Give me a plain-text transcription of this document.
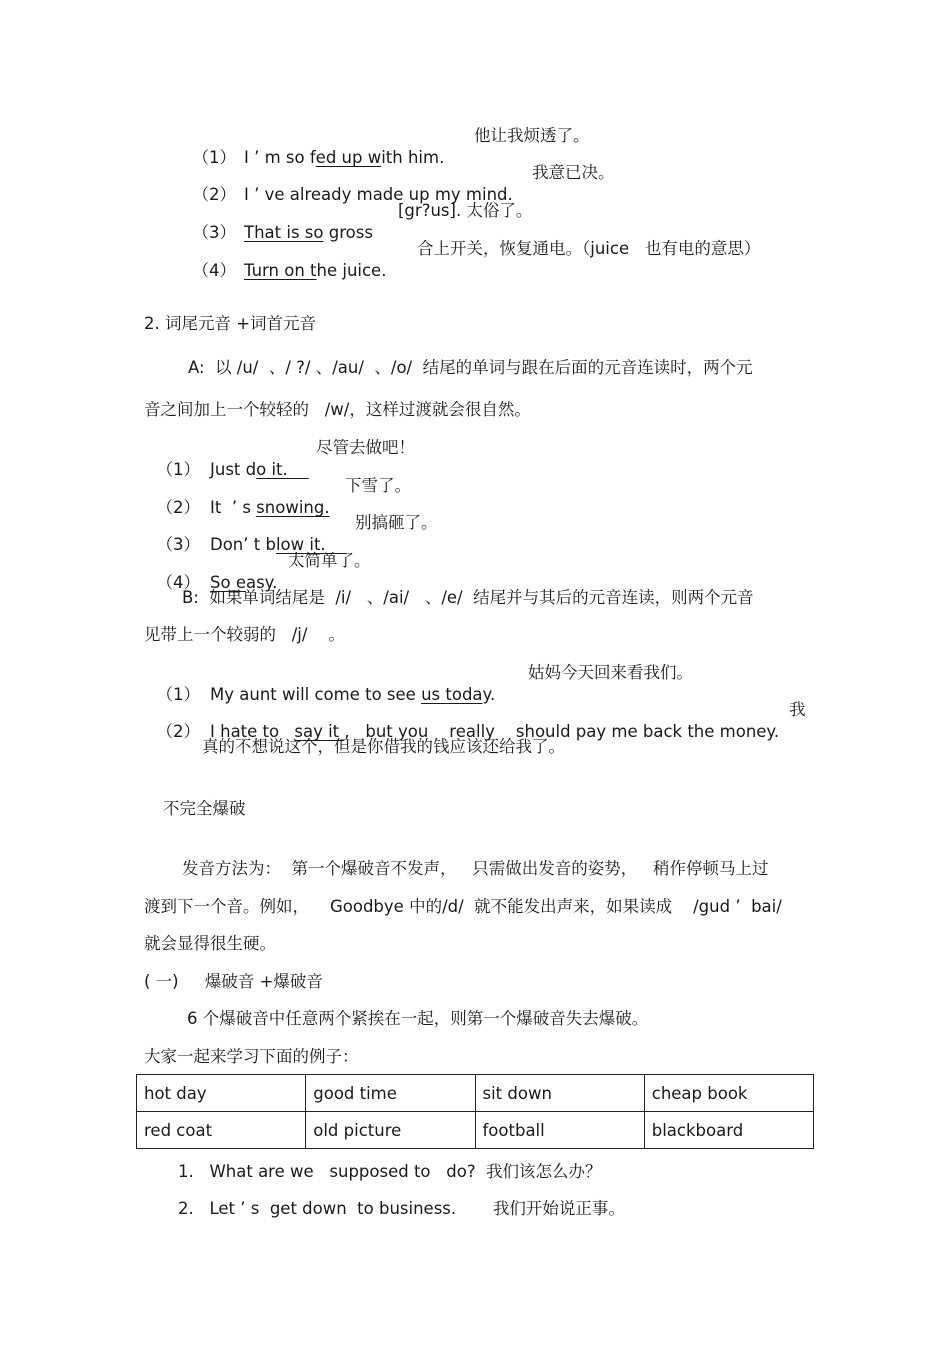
（1） I ’ m so fed up with him.

他让我烦透了。

（2） I ’ ve already made up my mind.

我意已决。

（3） That is so gross

[gr?us]. 太俗了。

（4） Turn on the juice.

合上开关，恢复通电。（juice   也有电的意思）
2. 词尾元音 +词首元音
A:  以 /u/  、/ ?/ 、/au/  、/o/  结尾的单词与跟在后面的元音连读时，两个元
音之间加上一个较轻的   /w/，这样过渡就会很自然。

（1） Just do it.

尽管去做吧！

（2） It  ’ s snowing.

下雪了。

（3） Don’ t blow it.

别搞砸了。

（4） So easy.

太简单了。
B:  如果单词结尾是  /i/   、/ai/   、/e/  结尾并与其后的元音连读，则两个元音
见带上一个较弱的   /j/    。

（1） My aunt will come to see us today.

姑妈今天回来看我们。

（2） I hate to say it ,   but you    really    should pay me back the money.

我
真的不想说这个，但是你借我的钱应该还给我了。
不完全爆破
发音方法为：  第一个爆破音不发声，   只需做出发音的姿势，   稍作停顿马上过
渡到下一个音。例如，    Goodbye 中的/d/  就不能发出声来，如果读成    /gud ’  bai/
就会显得很生硬。
( 一)     爆破音 +爆破音
6 个爆破音中任意两个紧挨在一起，则第一个爆破音失去爆破。
大家一起来学习下面的例子：
hot day	good time	sit down	cheap book
red coat	old picture	football	blackboard
1.   What are we   supposed to   do?  我们该怎么办？
2.   Let ’ s  get down  to business.       我们开始说正事。
